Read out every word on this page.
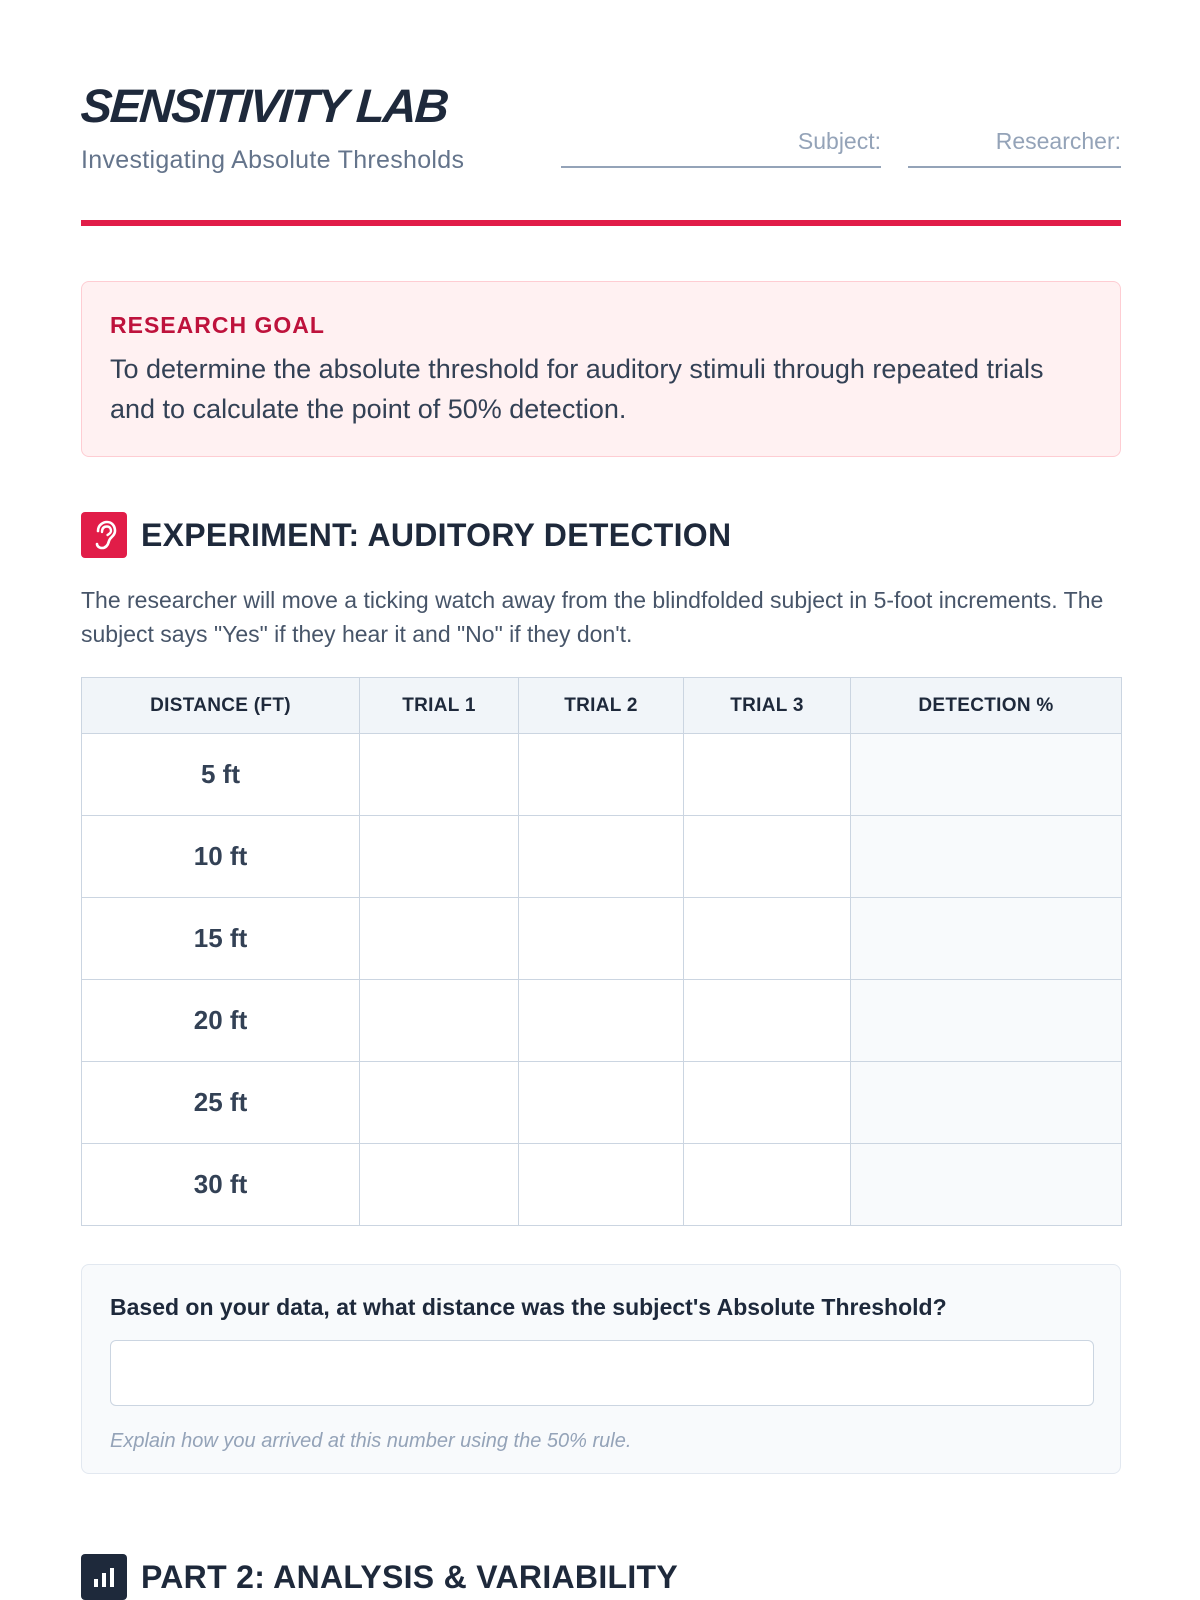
SENSITIVITY LAB
Investigating Absolute Thresholds
Subject:	Researcher:
RESEARCH GOAL
To determine the absolute threshold for auditory stimuli through repeated trials and to calculate the point of 50% detection.
EXPERIMENT: AUDITORY DETECTION
The researcher will move a ticking watch away from the blindfolded subject in 5-foot increments. The subject says "Yes" if they hear it and "No" if they don't.
DISTANCE (FT)	TRIAL 1	TRIAL 2	TRIAL 3	DETECTION %
5 ft				
10 ft				
15 ft				
20 ft				
25 ft				
30 ft				
Based on your data, at what distance was the subject's Absolute Threshold?
Explain how you arrived at this number using the 50% rule.
PART 2: ANALYSIS & VARIABILITY
